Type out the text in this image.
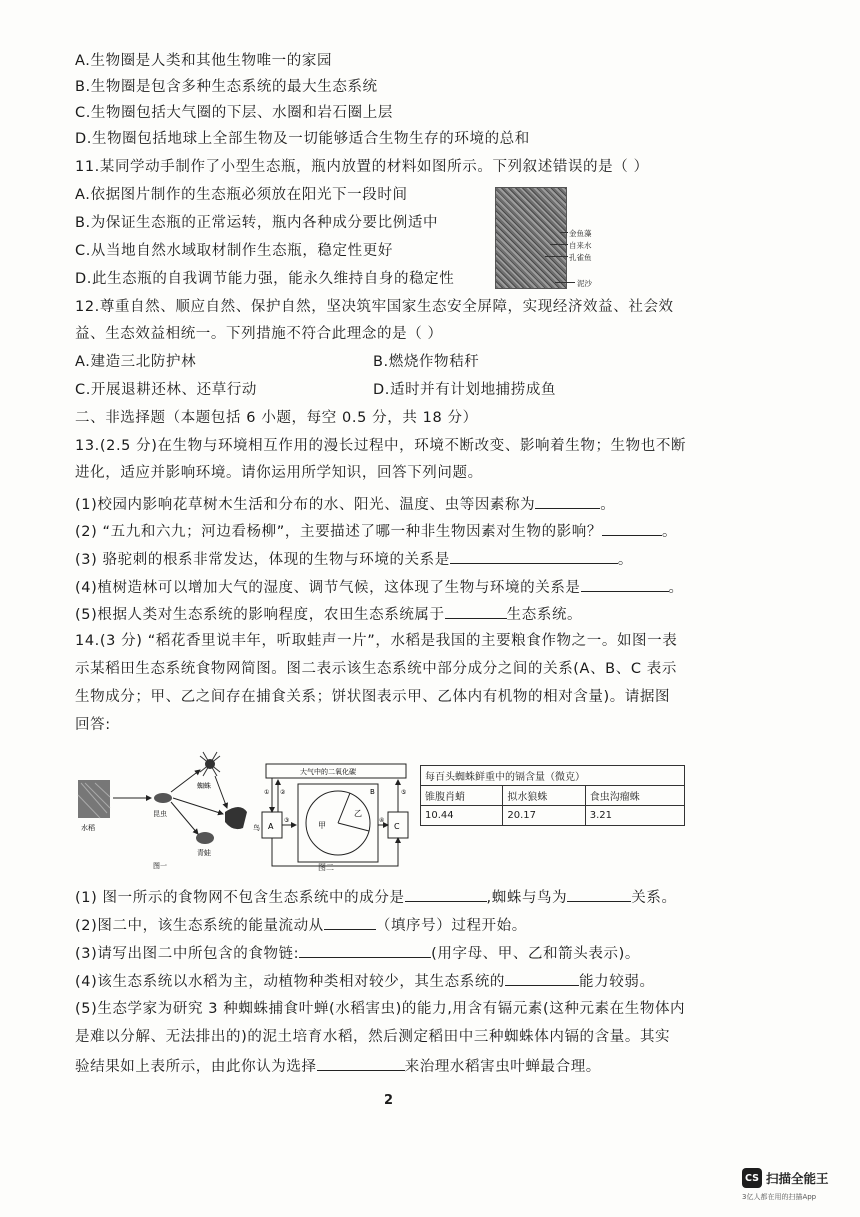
A.生物圈是人类和其他生物唯一的家园
B.生物圈是包含多种生态系统的最大生态系统
C.生物圈包括大气圈的下层、水圈和岩石圈上层
D.生物圈包括地球上全部生物及一切能够适合生物生存的环境的总和
11.某同学动手制作了小型生态瓶，瓶内放置的材料如图所示。下列叙述错误的是（ ）
A.依据图片制作的生态瓶必须放在阳光下一段时间
B.为保证生态瓶的正常运转，瓶内各种成分要比例适中
C.从当地自然水域取材制作生态瓶，稳定性更好
D.此生态瓶的自我调节能力强，能永久维持自身的稳定性
金鱼藻
自来水
孔雀鱼
泥沙
12.尊重自然、顺应自然、保护自然，坚决筑牢国家生态安全屏障，实现经济效益、社会效
益、生态效益相统一。下列措施不符合此理念的是（ ）
A.建造三北防护林	B.燃烧作物秸秆
C.开展退耕还林、还草行动	D.适时并有计划地捕捞成鱼
二、非选择题（本题包括 6 小题，每空 0.5 分，共 18 分）
13.(2.5 分)在生物与环境相互作用的漫长过程中，环境不断改变、影响着生物；生物也不断
进化，适应并影响环境。请你运用所学知识，回答下列问题。
(1)校园内影响花草树木生活和分布的水、阳光、温度、虫等因素称为	。
(2) “五九和六九；河边看杨柳”，主要描述了哪一种非生物因素对生物的影响？	。
(3) 骆驼刺的根系非常发达，体现的生物与环境的关系是	。
(4)植树造林可以增加大气的湿度、调节气候，这体现了生物与环境的关系是	。
(5)根据人类对生态系统的影响程度，农田生态系统属于	生态系统。
14.(3 分) “稻花香里说丰年，听取蛙声一片”，水稻是我国的主要粮食作物之一。如图一表
示某稻田生态系统食物网简图。图二表示该生态系统中部分成分之间的关系(A、B、C 表示
生物成分；甲、乙之间存在捕食关系；饼状图表示甲、乙体内有机物的相对含量)。请据图
回答:
水稻
昆虫
蜘蛛
青蛙
鸟
图一
大气中的二氧化碳
A	C
B
甲
乙
① ②
③	④
⑤
图二
每百头蜘蛛鲜重中的镉含量（微克）		
锥腹肖蛸	拟水狼蛛	食虫沟瘤蛛
10.44	20.17	3.21
(1) 图一所示的食物网不包含生态系统中的成分是	,蜘蛛与鸟为	关系。
(2)图二中，该生态系统的能量流动从	（填序号）过程开始。
(3)请写出图二中所包含的食物链:	(用字母、甲、乙和箭头表示)。
(4)该生态系统以水稻为主，动植物种类相对较少，其生态系统的	能力较弱。
(5)生态学家为研究 3 种蜘蛛捕食叶蝉(水稻害虫)的能力,用含有镉元素(这种元素在生物体内
是难以分解、无法排出的)的泥土培育水稻，然后测定稻田中三种蜘蛛体内镉的含量。其实
验结果如上表所示，由此你认为选择	来治理水稻害虫叶蝉最合理。
2
CS 扫描全能王
3亿人都在用的扫描App
